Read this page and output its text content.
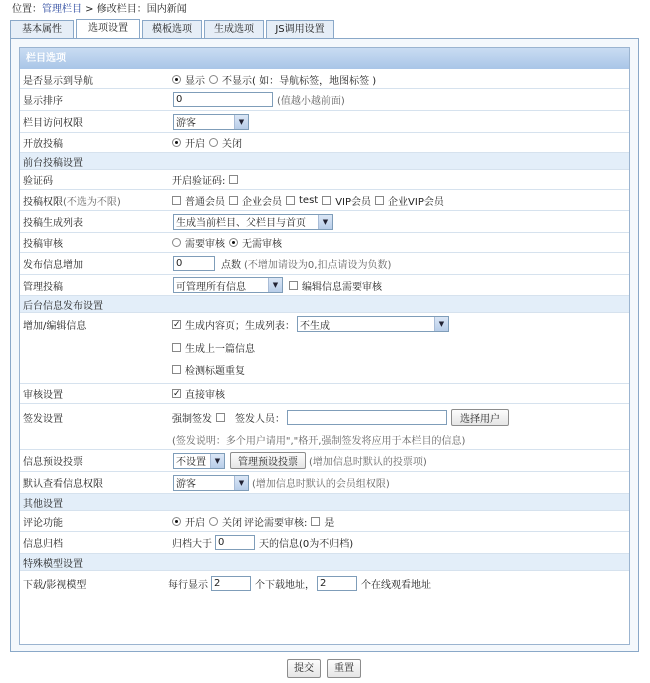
位置：管理栏目 > 修改栏目：国内新闻
基本属性	选项设置	模板选项	生成选项	JS调用设置
栏目选项
是否显示到导航	显示 不显示 ( 如：导航标签，地图标签 )
显示排序	0	(值越小越前面)
栏目访问权限	游客	▼
开放投稿	开启 关闭
前台投稿设置
验证码	开启验证码:
投稿权限 (不选为不限)	普通会员 企业会员 test VIP会员 企业VIP会员
投稿生成列表	生成当前栏目、父栏目与首页	▼
投稿审核	需要审核 无需审核
发布信息增加	0	点数 (不增加请设为0,扣点请设为负数)
管理投稿	可管理所有信息	▼	编辑信息需要审核
后台信息发布设置
增加/编辑信息 ✓	生成内容页；生成列表： 不生成	▼
生成上一篇信息
检测标题重复
审核设置 ✓	直接审核
签发设置	强制签发 签发人员：	选择用户
(签发说明：多个用户请用","格开,强制签发将应用于本栏目的信息)
信息预设投票	不设置	▼	管理预设投票	(增加信息时默认的投票项)
默认查看信息权限	游客	▼ (增加信息时默认的会员组权限)
其他设置
评论功能	开启 关闭 评论需要审核: 是
信息归档	归档大于 0	天的信息(0为不归档)
特殊模型设置
下载/影视模型	每行显示 2	个下载地址， 2	个在线观看地址
提交	重置
